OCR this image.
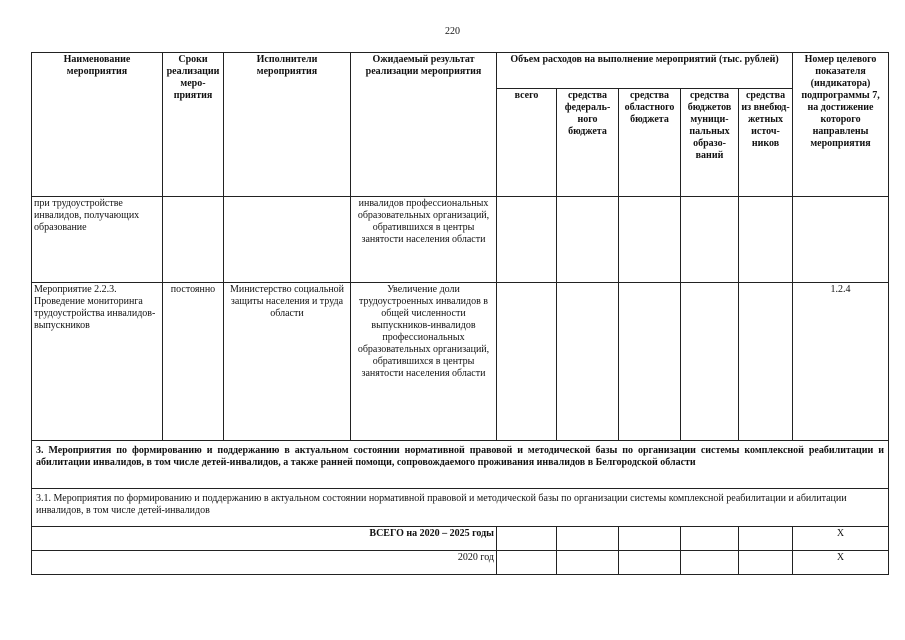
220
Наименование мероприятия	Сроки реализации меро-приятия	Исполнители мероприятия	Ожидаемый результат реализации мероприятия	Объем расходов на выполнение мероприятий (тыс. рублей)					Номер целевого показателя (индикатора) подпрограммы 7, на достижение которого направлены мероприятия
				всего	средства федераль-ного бюджета	средства областного бюджета	средства бюджетов муници-пальных образо-ваний	средства из внебюд-жетных источ-ников	
при трудоустройстве инвалидов, получающих образование			инвалидов профессиональных образовательных организаций, обратившихся в центры занятости населения области						
Мероприятие 2.2.3. Проведение мониторинга трудоустройства инвалидов-выпускников	постоянно	Министерство социальной защиты населения и труда области	Увеличение доли трудоустроенных инвалидов в общей численности выпускников-инвалидов профессиональных образовательных организаций, обратившихся в центры занятости населения области						1.2.4
3. Мероприятия по формированию и поддержанию в актуальном состоянии нормативной правовой и методической базы по организации системы комплексной реабилитации и абилитации инвалидов, в том числе детей-инвалидов, а также ранней помощи, сопровождаемого проживания инвалидов в Белгородской области									
3.1. Мероприятия по формированию и поддержанию в актуальном состоянии нормативной правовой и методической базы по организации системы комплексной реабилитации и абилитации инвалидов, в том числе детей-инвалидов									
ВСЕГО на 2020 – 2025 годы									Х
2020 год									Х
